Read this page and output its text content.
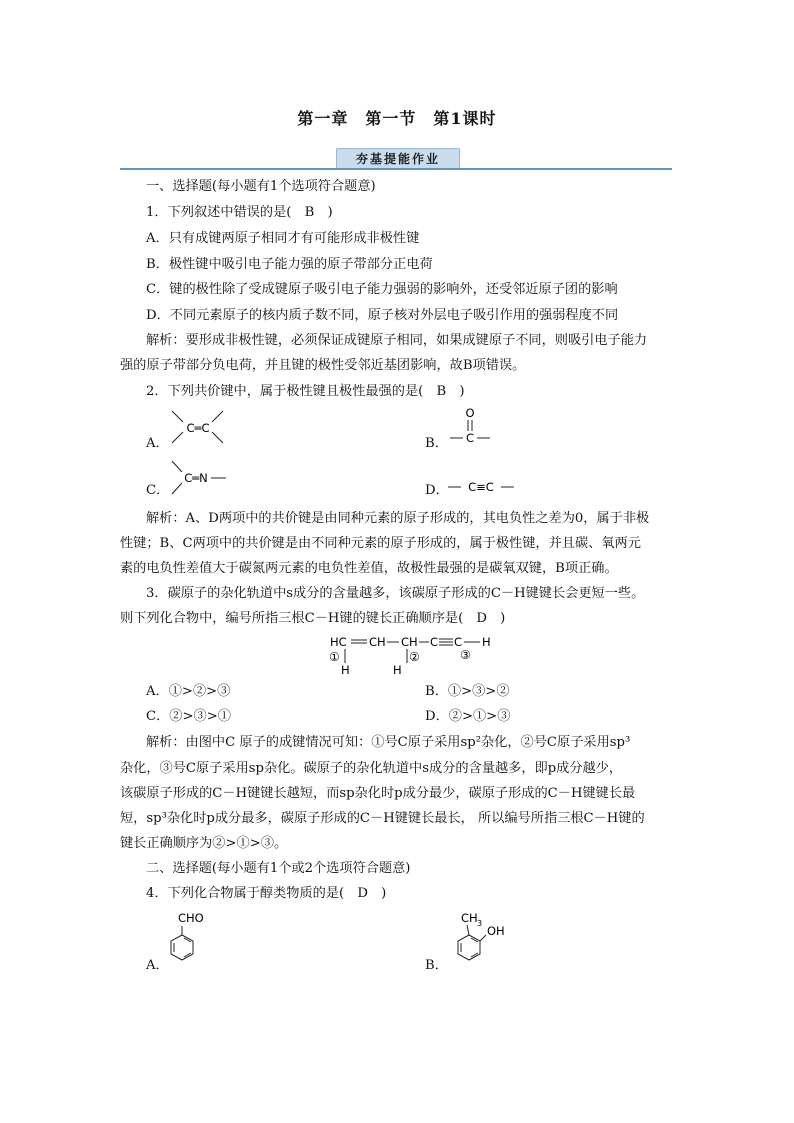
第一章　第一节　第1课时
夯基提能作业
一、选择题(每小题有1个选项符合题意)
1．下列叙述中错误的是(　B　)
A．只有成键两原子相同才有可能形成非极性键
B．极性键中吸引电子能力强的原子带部分正电荷
C．键的极性除了受成键原子吸引电子能力强弱的影响外，还受邻近原子团的影响
D．不同元素原子的核内质子数不同，原子核对外层电子吸引作用的强弱程度不同
解析：要形成非极性键，必须保证成键原子相同，如果成键原子不同，则吸引电子能力
强的原子带部分负电荷，并且键的极性受邻近基团影响，故B项错误。
2．下列共价键中，属于极性键且极性最强的是(　B　)
A．	B．
C．	D．
C═C
O
C
C═N
C≡C
解析：A、D两项中的共价键是由同种元素的原子形成的，其电负性之差为0，属于非极
性键；B、C两项中的共价键是由不同种元素的原子形成的，属于极性键，并且碳、氧两元
素的电负性差值大于碳氮两元素的电负性差值，故极性最强的是碳氧双键，B项正确。
3．碳原子的杂化轨道中s成分的含量越多，该碳原子形成的C－H键键长会更短一些。
则下列化合物中，编号所指三根C－H键的键长正确顺序是(　D　)
HC CH CH C C H
H	H
①	②	③
A．①>②>③	B．①>③>②
C．②>③>①	D．②>①>③
解析：由图中C 原子的成键情况可知：①号C原子采用sp²杂化，②号C原子采用sp³
杂化，③号C原子采用sp杂化。碳原子的杂化轨道中s成分的含量越多，即p成分越少，
该碳原子形成的C－H键键长越短，而sp杂化时p成分最少，碳原子形成的C－H键键长最
短，sp³杂化时p成分最多，碳原子形成的C－H键键长最长， 所以编号所指三根C－H键的
键长正确顺序为②>①>③。
二、选择题(每小题有1个或2个选项符合题意)
4．下列化合物属于醇类物质的是(　D　)
A．	B．
CHO	CH 3
OH
